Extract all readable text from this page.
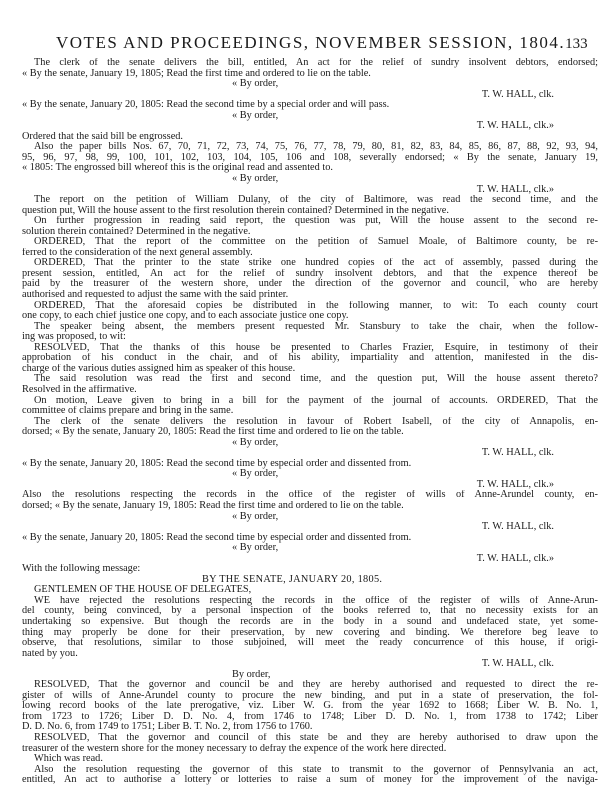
VOTES AND PROCEEDINGS, NOVEMBER SESSION, 1804. 133
The clerk of the senate delivers the bill, entitled, An act for the relief of sundry insolvent debtors, endorsed;
« By the senate, January 19, 1805; Read the first time and ordered to lie on the table.
« By order,
T. W. HALL, clk.
« By the senate, January 20, 1805: Read the second time by a special order and will pass.
« By order,
T. W. HALL, clk.»
Ordered that the said bill be engrossed.
Also the paper bills Nos. 67, 70, 71, 72, 73, 74, 75, 76, 77, 78, 79, 80, 81, 82, 83, 84, 85, 86, 87, 88, 92, 93, 94,
95, 96, 97, 98, 99, 100, 101, 102, 103, 104, 105, 106 and 108, severally endorsed; « By the senate, January 19,
« 1805: The engrossed bill whereof this is the original read and assented to.
« By order,
T. W. HALL, clk.»
The report on the petition of William Dulany, of the city of Baltimore, was read the second time, and the
question put, Will the house assent to the first resolution therein contained? Determined in the negative.
On further progression in reading said report, the question was put, Will the house assent to the second re-
solution therein contained? Determined in the negative.
ORDERED, That the report of the committee on the petition of Samuel Moale, of Baltimore county, be re-
ferred to the consideration of the next general assembly.
ORDERED, That the printer to the state strike one hundred copies of the act of assembly, passed during the
present session, entitled, An act for the relief of sundry insolvent debtors, and that the expence thereof be
paid by the treasurer of the western shore, under the direction of the governor and council, who are hereby
authorised and requested to adjust the same with the said printer.
ORDERED, That the aforesaid copies be distributed in the following manner, to wit: To each county court
one copy, to each chief justice one copy, and to each associate justice one copy.
The speaker being absent, the members present requested Mr. Stansbury to take the chair, when the follow-
ing was proposed, to wit:
RESOLVED, That the thanks of this house be presented to Charles Frazier, Esquire, in testimony of their
approbation of his conduct in the chair, and of his ability, impartiality and attention, manifested in the dis-
charge of the various duties assigned him as speaker of this house.
The said resolution was read the first and second time, and the question put, Will the house assent thereto?
Resolved in the affirmative.
On motion, Leave given to bring in a bill for the payment of the journal of accounts. ORDERED, That the
committee of claims prepare and bring in the same.
The clerk of the senate delivers the resolution in favour of Robert Isabell, of the city of Annapolis, en-
dorsed; « By the senate, January 20, 1805: Read the first time and ordered to lie on the table.
« By order,
T. W. HALL, clk.
« By the senate, January 20, 1805: Read the second time by especial order and dissented from.
« By order,
T. W. HALL, clk.»
Also the resolutions respecting the records in the office of the register of wills of Anne-Arundel county, en-
dorsed; « By the senate, January 19, 1805: Read the first time and ordered to lie on the table.
« By order,
T. W. HALL, clk.
« By the senate, January 20, 1805: Read the second time by especial order and dissented from.
« By order,
T. W. HALL, clk.»
With the following message:
BY THE SENATE, JANUARY 20, 1805.
GENTLEMEN OF THE HOUSE OF DELEGATES,
WE have rejected the resolutions respecting the records in the office of the register of wills of Anne-Arun-
del county, being convinced, by a personal inspection of the books referred to, that no necessity exists for an
undertaking so expensive. But though the records are in the body in a sound and undefaced state, yet some-
thing may properly be done for their preservation, by new covering and binding. We therefore beg leave to
observe, that resolutions, similar to those subjoined, will meet the ready concurrence of this house, if origi-
nated by you.
T. W. HALL, clk.
By order,
RESOLVED, That the governor and council be and they are hereby authorised and requested to direct the re-
gister of wills of Anne-Arundel county to procure the new binding, and put in a state of preservation, the fol-
lowing record books of the late prerogative, viz. Liber W. G. from the year 1692 to 1668; Liber W. B. No. 1,
from 1723 to 1726; Liber D. D. No. 4, from 1746 to 1748; Liber D. D. No. 1, from 1738 to 1742; Liber
D. D. No. 6, from 1749 to 1751; Liber B. T. No. 2, from 1756 to 1760.
RESOLVED, That the governor and council of this state be and they are hereby authorised to draw upon the
treasurer of the western shore for the money necessary to defray the expence of the work here directed.
Which was read.
Also the resolution requesting the governor of this state to transmit to the governor of Pennsylvania an act,
entitled, An act to authorise a lottery or lotteries to raise a sum of money for the improvement of the naviga-
